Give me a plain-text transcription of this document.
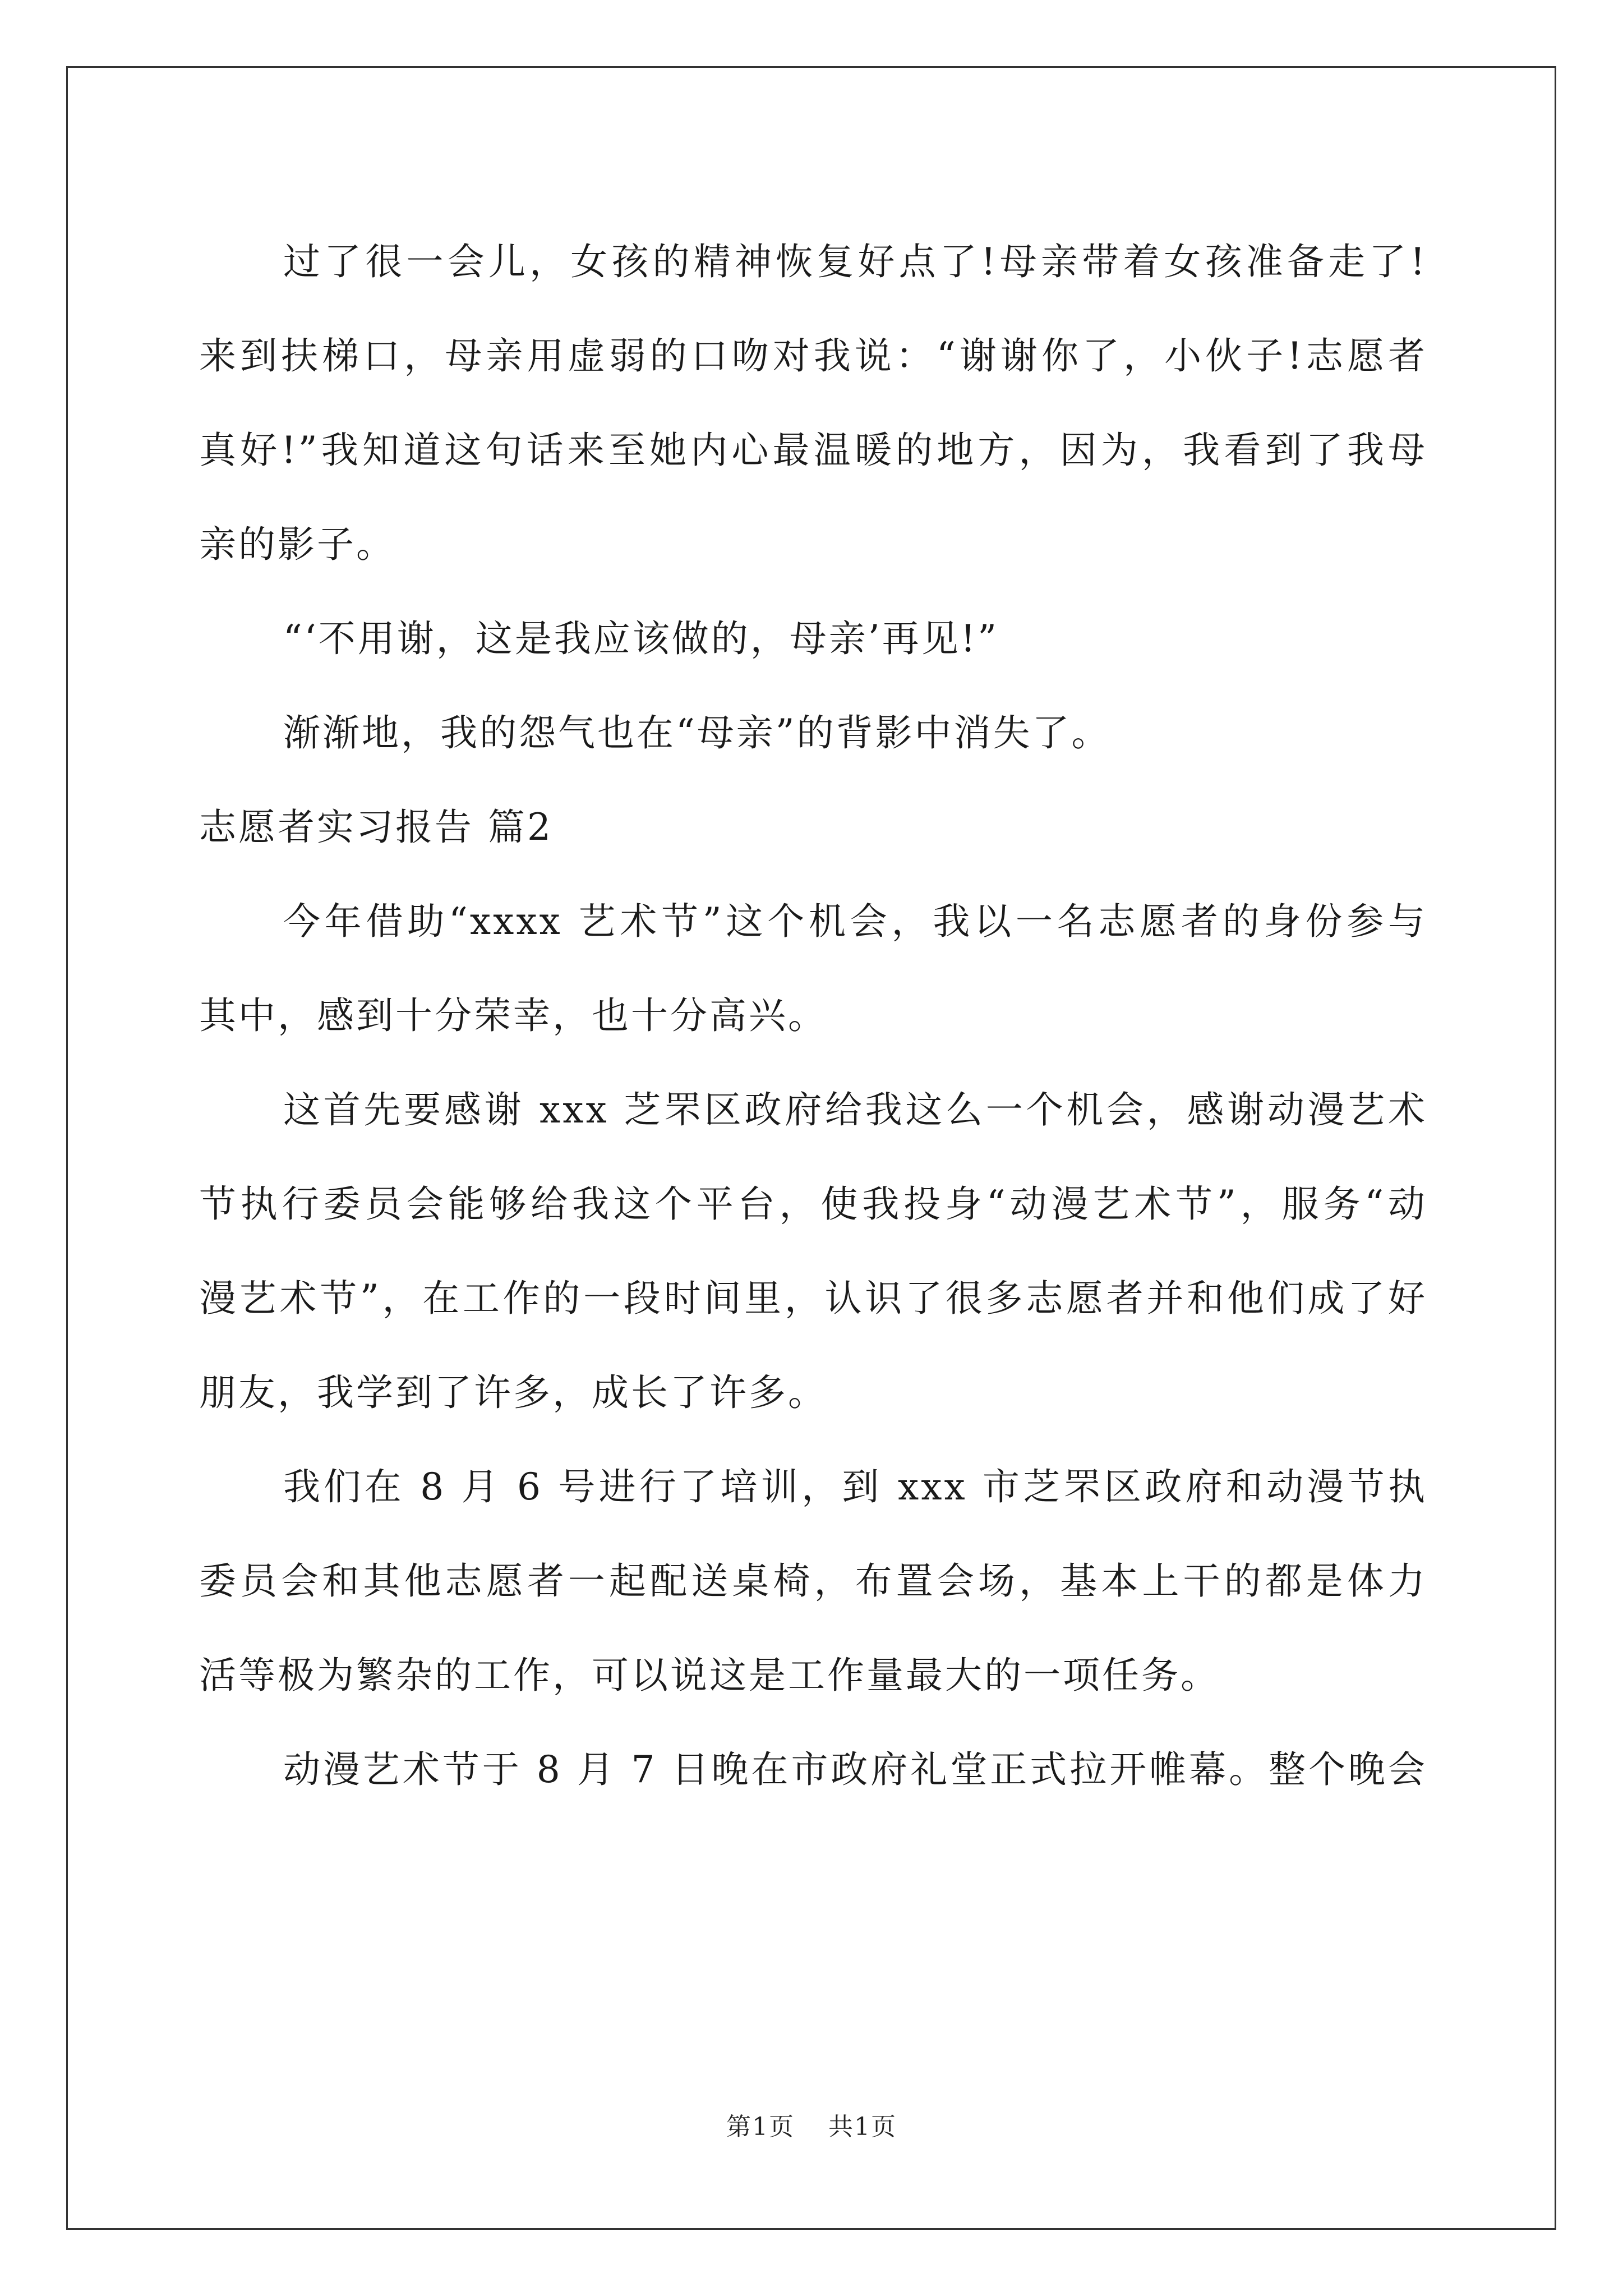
过了很一会儿，女孩的精神恢复好点了!母亲带着女孩准备走了!
来到扶梯口，母亲用虚弱的口吻对我说：“谢谢你了，小伙子!志愿者
真好!”我知道这句话来至她内心最温暖的地方，因为，我看到了我母
亲的影子。
“‘不用谢，这是我应该做的，母亲’再见!”
渐渐地，我的怨气也在“母亲”的背影中消失了。
志愿者实习报告 篇2
今年借助“xxxx 艺术节”这个机会，我以一名志愿者的身份参与
其中，感到十分荣幸，也十分高兴。
这首先要感谢 xxx 芝罘区政府给我这么一个机会，感谢动漫艺术
节执行委员会能够给我这个平台，使我投身“动漫艺术节”，服务“动
漫艺术节”，在工作的一段时间里，认识了很多志愿者并和他们成了好
朋友，我学到了许多，成长了许多。
我们在 8 月 6 号进行了培训，到 xxx 市芝罘区政府和动漫节执
委员会和其他志愿者一起配送桌椅，布置会场，基本上干的都是体力
活等极为繁杂的工作，可以说这是工作量最大的一项任务。
动漫艺术节于 8 月 7 日晚在市政府礼堂正式拉开帷幕。整个晚会
第1页 共1页
